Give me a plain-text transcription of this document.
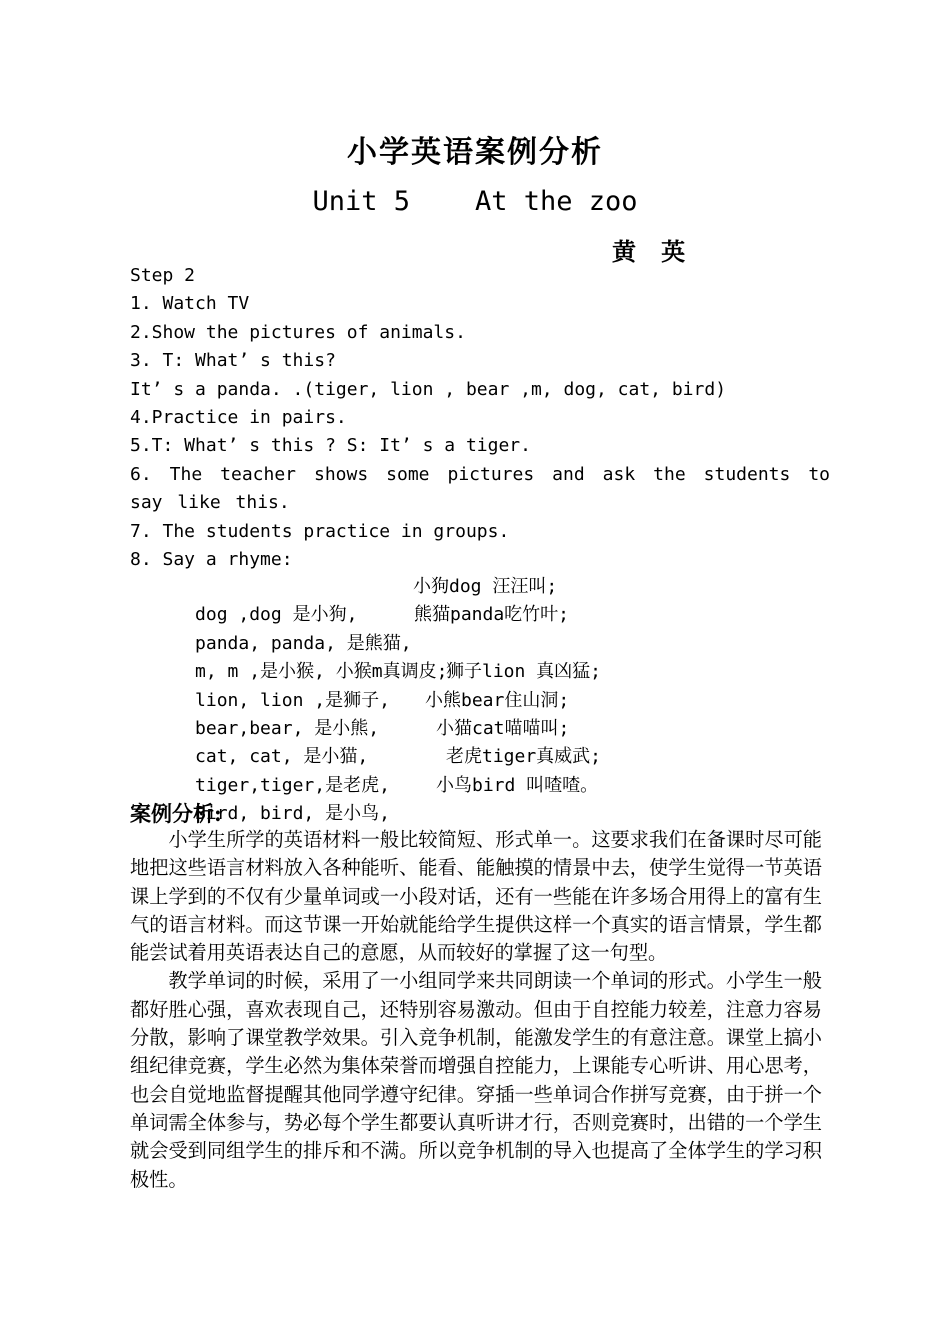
小学英语案例分析
Unit 5    At the zoo
黄   英
Step 2
1. Watch TV
2.Show the pictures of animals.
3. T: What’ s this?
It’ s a panda. .(tiger, lion , bear ,m, dog, cat, bird)
4.Practice in pairs.
5.T: What’ s this ? S: It’ s a tiger.
6. The teacher shows some pictures and ask the students to say like this.
7. The students practice in groups.
8. Say a rhyme:

dog ,dog 是小狗,

小狗dog 汪汪叫;

panda, panda, 是熊猫,

熊猫panda吃竹叶;

m, m ,是小猴, 小猴m真调皮;

lion, lion ,是狮子,

狮子lion 真凶猛;

bear,bear, 是小熊,

小熊bear住山洞;

cat, cat, 是小猫,

小猫cat喵喵叫;

tiger,tiger,是老虎,

老虎tiger真威武;

Bird, bird, 是小鸟,

小鸟bird 叫喳喳。

案例分析:

小学生所学的英语材料一般比较简短、形式单一。这要求我们在备课时尽可能地把这些语言材料放入各种能听、能看、能触摸的情景中去，使学生觉得一节英语课上学到的不仅有少量单词或一小段对话，还有一些能在许多场合用得上的富有生气的语言材料。而这节课一开始就能给学生提供这样一个真实的语言情景，学生都能尝试着用英语表达自己的意愿，从而较好的掌握了这一句型。

教学单词的时候，采用了一小组同学来共同朗读一个单词的形式。小学生一般都好胜心强，喜欢表现自己，还特别容易激动。但由于自控能力较差，注意力容易分散，影响了课堂教学效果。引入竞争机制，能激发学生的有意注意。课堂上搞小组纪律竞赛，学生必然为集体荣誉而增强自控能力，上课能专心听讲、用心思考，也会自觉地监督提醒其他同学遵守纪律。穿插一些单词合作拼写竞赛，由于拼一个单词需全体参与，势必每个学生都要认真听讲才行，否则竞赛时，出错的一个学生就会受到同组学生的排斥和不满。所以竞争机制的导入也提高了全体学生的学习积极性。
